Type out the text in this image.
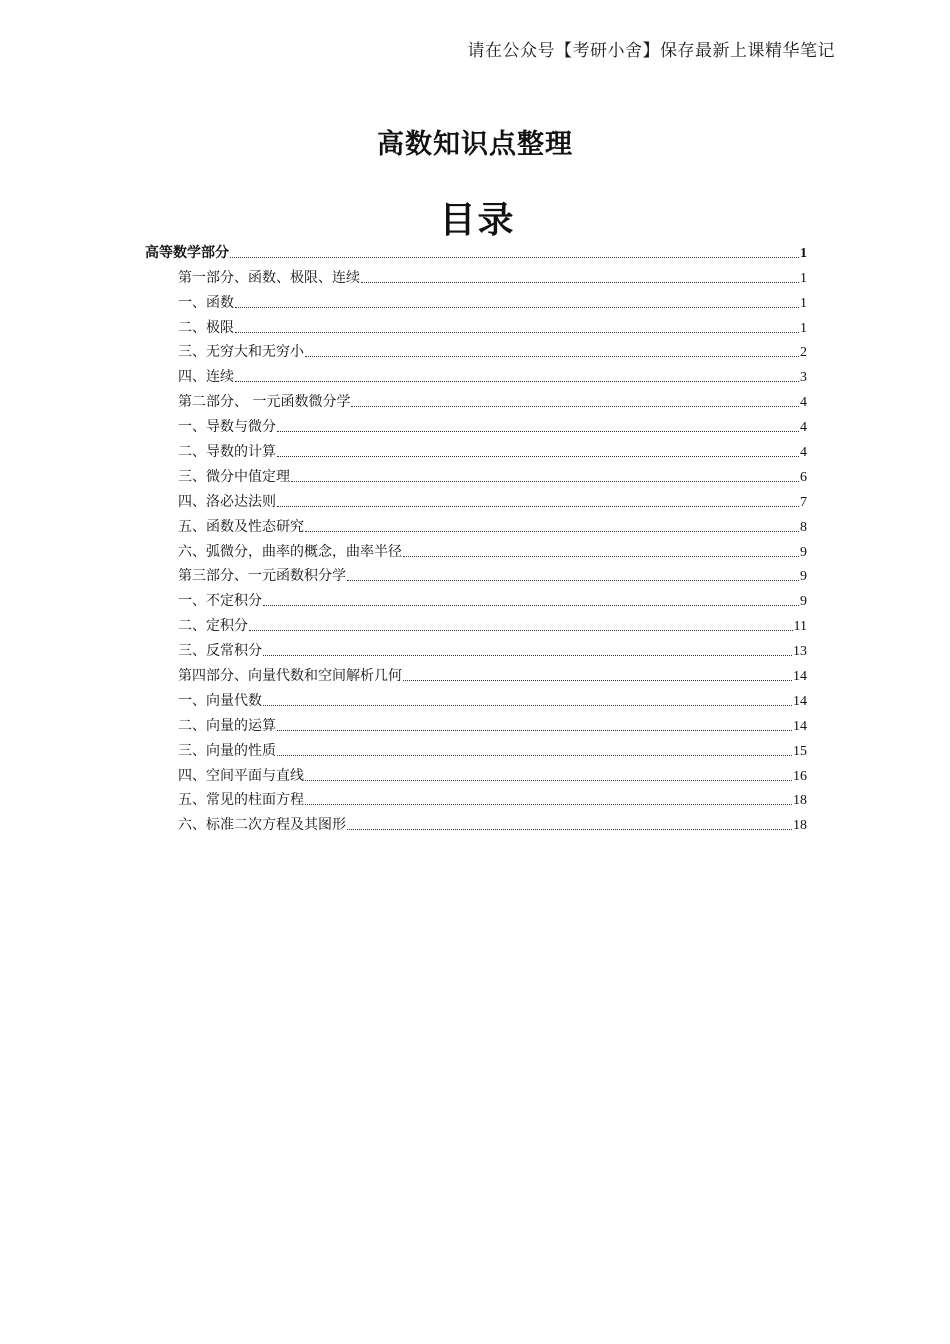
请在公众号【考研小舍】保存最新上课精华笔记
高数知识点整理
目录
高等数学部分	1
第一部分、函数、极限、连续	1
一、函数	1
二、极限	1
三、无穷大和无穷小	2
四、连续	3
第二部分、 一元函数微分学	4
一、导数与微分	4
二、导数的计算	4
三、微分中值定理	6
四、洛必达法则	7
五、函数及性态研究	8
六、弧微分，曲率的概念，曲率半径	9
第三部分、一元函数积分学	9
一、不定积分	9
二、定积分	11
三、反常积分	13
第四部分、向量代数和空间解析几何	14
一、向量代数	14
二、向量的运算	14
三、向量的性质	15
四、空间平面与直线	16
五、常见的柱面方程	18
六、标准二次方程及其图形	18
